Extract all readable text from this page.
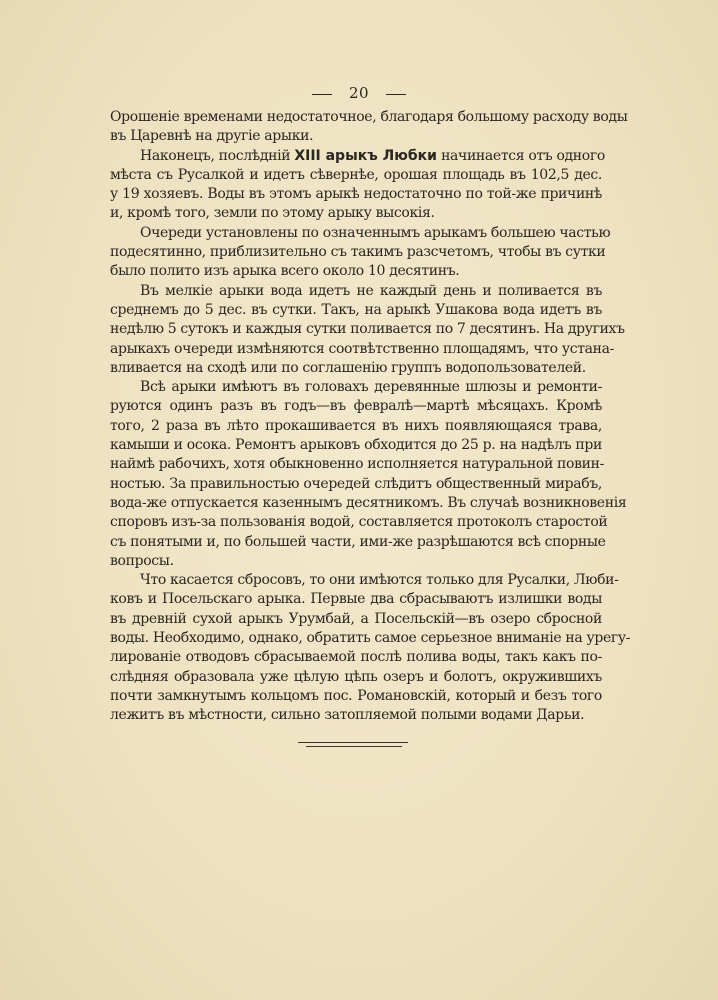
20
Орошеніе временами недостаточное, благодаря большому расходу воды
въ Царевнѣ на другіе арыки.
Наконецъ, послѣдній XIII арыкъ Любки начинается отъ одного
мѣста съ Русалкой и идетъ сѣвернѣе, орошая площадь въ 102,5 дес.
у 19 хозяевъ. Воды въ этомъ арыкѣ недостаточно по той-же причинѣ
и, кромѣ того, земли по этому арыку высокія.
Очереди установлены по означеннымъ арыкамъ большею частью
подесятинно, приблизительно съ такимъ разсчетомъ, чтобы въ сутки
было полито изъ арыка всего около 10 десятинъ.
Въ мелкіе арыки вода идетъ не каждый день и поливается въ
среднемъ до 5 дес. въ сутки. Такъ, на арыкѣ Ушакова вода идетъ въ
недѣлю 5 сутокъ и каждыя сутки поливается по 7 десятинъ. На другихъ
арыкахъ очереди измѣняются соотвѣтственно площадямъ, что устана-
вливается на сходѣ или по соглашенію группъ водопользователей.
Всѣ арыки имѣютъ въ головахъ деревянные шлюзы и ремонти-
руются одинъ разъ въ годъ—въ февралѣ—мартѣ мѣсяцахъ. Кромѣ
того, 2 раза въ лѣто прокашивается въ нихъ появляющаяся трава,
камыши и осока. Ремонтъ арыковъ обходится до 25 р. на надѣлъ при
наймѣ рабочихъ, хотя обыкновенно исполняется натуральной повин-
ностью. За правильностью очередей слѣдитъ общественный мирабъ,
вода-же отпускается казеннымъ десятникомъ. Въ случаѣ возникновенія
споровъ изъ-за пользованія водой, составляется протоколъ старостой
съ понятыми и, по большей части, ими-же разрѣшаются всѣ спорные
вопросы.
Что касается сбросовъ, то они имѣются только для Русалки, Люби-
ковъ и Посельскаго арыка. Первые два сбрасываютъ излишки воды
въ древній сухой арыкъ Урумбай, а Посельскій—въ озеро сбросной
воды. Необходимо, однако, обратить самое серьезное вниманіе на урегу-
лированіе отводовъ сбрасываемой послѣ полива воды, такъ какъ по-
слѣдняя образовала уже цѣлую цѣпь озеръ и болотъ, окружившихъ
почти замкнутымъ кольцомъ пос. Романовскій, который и безъ того
лежитъ въ мѣстности, сильно затопляемой полыми водами Дарьи.
